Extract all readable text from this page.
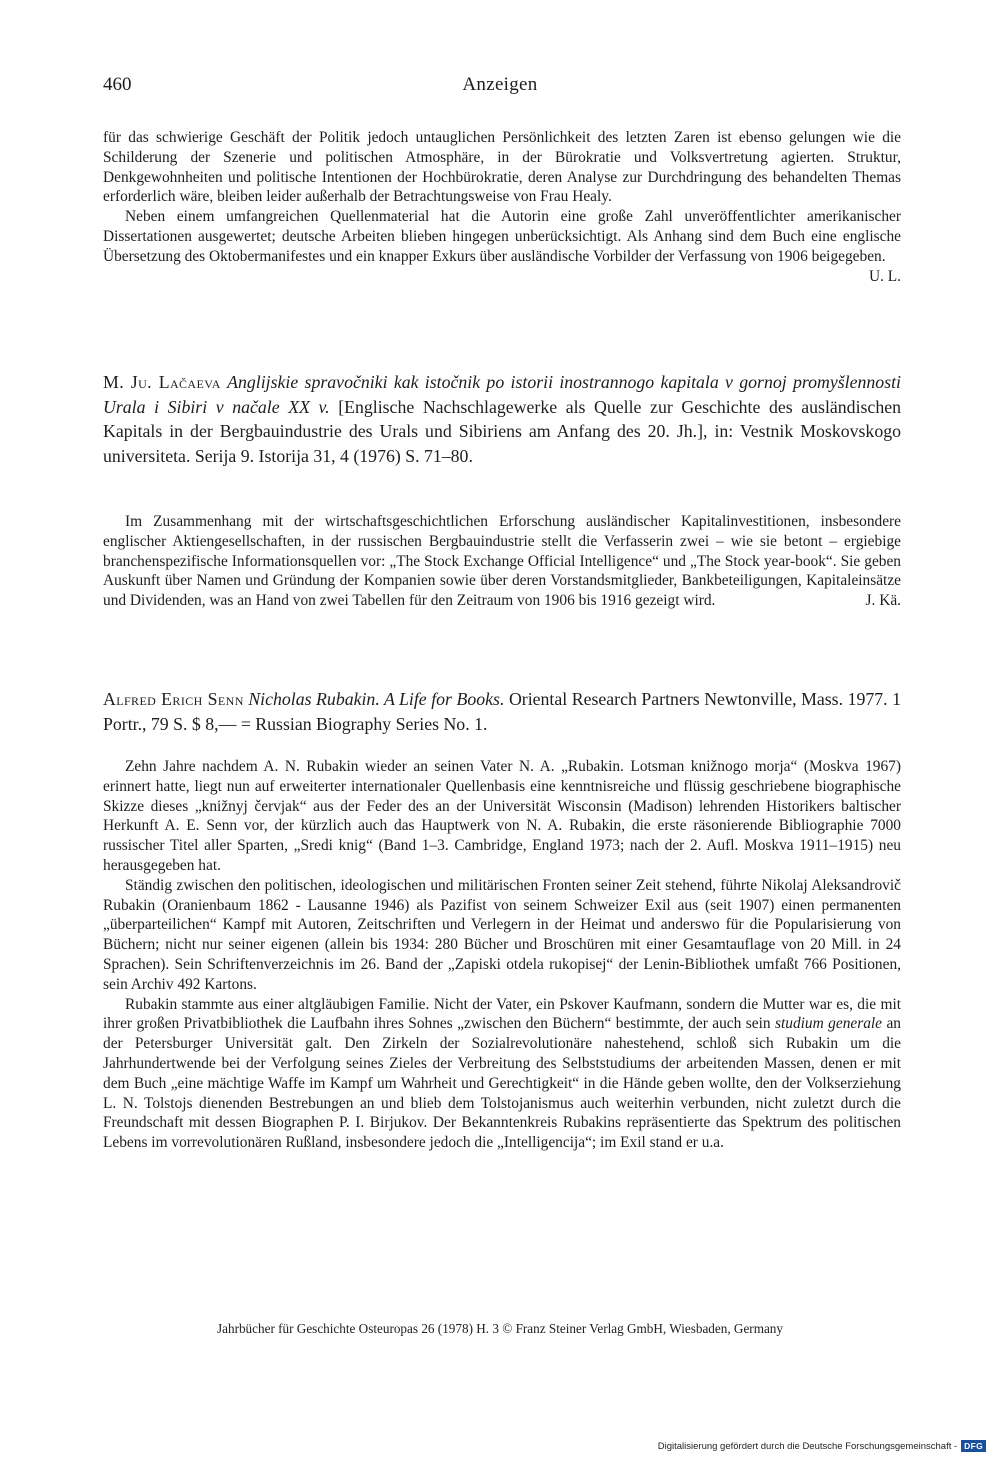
460	Anzeigen

für das schwierige Geschäft der Politik jedoch untauglichen Persönlichkeit des letzten Zaren ist ebenso gelungen wie die Schilderung der Szenerie und politischen Atmosphäre, in der Bürokratie und Volksvertretung agierten. Struktur, Denkgewohnheiten und politische Intentionen der Hochbürokratie, deren Analyse zur Durchdringung des behandelten Themas erforderlich wäre, bleiben leider außerhalb der Betrachtungsweise von Frau Healy.

Neben einem umfangreichen Quellenmaterial hat die Autorin eine große Zahl unveröffentlichter amerikanischer Dissertationen ausgewertet; deutsche Arbeiten blieben hingegen unberücksichtigt. Als Anhang sind dem Buch eine englische Übersetzung des Oktobermanifestes und ein knapper Exkurs über ausländische Vorbilder der Verfassung von 1906 beigegeben.
U. L.

M. Ju. Lačaeva Anglijskie spravočniki kak istočnik po istorii inostrannogo kapitala v gornoj promyšlennosti Urala i Sibiri v načale XX v. [Englische Nachschlagewerke als Quelle zur Geschichte des ausländischen Kapitals in der Bergbauindustrie des Urals und Sibiriens am Anfang des 20. Jh.], in: Vestnik Moskovskogo universiteta. Serija 9. Istorija 31, 4 (1976) S. 71–80.

Im Zusammenhang mit der wirtschaftsgeschichtlichen Erforschung ausländischer Kapitalinvestitionen, insbesondere englischer Aktiengesellschaften, in der russischen Bergbauindustrie stellt die Verfasserin zwei – wie sie betont – ergiebige branchenspezifische Informationsquellen vor: „The Stock Exchange Official Intelligence“ und „The Stock year-book“. Sie geben Auskunft über Namen und Gründung der Kompanien sowie über deren Vorstandsmitglieder, Bankbeteiligungen, Kapitaleinsätze und Dividenden, was an Hand von zwei Tabellen für den Zeitraum von 1906 bis 1916 gezeigt wird.	J. Kä.

Alfred Erich Senn Nicholas Rubakin. A Life for Books. Oriental Research Partners Newtonville, Mass. 1977. 1 Portr., 79 S. $ 8,— = Russian Biography Series No. 1.

Zehn Jahre nachdem A. N. Rubakin wieder an seinen Vater N. A. „Rubakin. Lotsman knižnogo morja“ (Moskva 1967) erinnert hatte, liegt nun auf erweiterter internationaler Quellenbasis eine kenntnisreiche und flüssig geschriebene biographische Skizze dieses „knižnyj červjak“ aus der Feder des an der Universität Wisconsin (Madison) lehrenden Historikers baltischer Herkunft A. E. Senn vor, der kürzlich auch das Hauptwerk von N. A. Rubakin, die erste räsonierende Bibliographie 7000 russischer Titel aller Sparten, „Sredi knig“ (Band 1–3. Cambridge, England 1973; nach der 2. Aufl. Moskva 1911–1915) neu herausgegeben hat.

Ständig zwischen den politischen, ideologischen und militärischen Fronten seiner Zeit stehend, führte Nikolaj Aleksandrovič Rubakin (Oranienbaum 1862 - Lausanne 1946) als Pazifist von seinem Schweizer Exil aus (seit 1907) einen permanenten „überparteilichen“ Kampf mit Autoren, Zeitschriften und Verlegern in der Heimat und anderswo für die Popularisierung von Büchern; nicht nur seiner eigenen (allein bis 1934: 280 Bücher und Broschüren mit einer Gesamtauflage von 20 Mill. in 24 Sprachen). Sein Schriftenverzeichnis im 26. Band der „Zapiski otdela rukopisej“ der Lenin-Bibliothek umfaßt 766 Positionen, sein Archiv 492 Kartons.

Rubakin stammte aus einer altgläubigen Familie. Nicht der Vater, ein Pskover Kaufmann, sondern die Mutter war es, die mit ihrer großen Privatbibliothek die Laufbahn ihres Sohnes „zwischen den Büchern“ bestimmte, der auch sein studium generale an der Petersburger Universität galt. Den Zirkeln der Sozialrevolutionäre nahestehend, schloß sich Rubakin um die Jahrhundertwende bei der Verfolgung seines Zieles der Verbreitung des Selbststudiums der arbeitenden Massen, denen er mit dem Buch „eine mächtige Waffe im Kampf um Wahrheit und Gerechtigkeit“ in die Hände geben wollte, den der Volkserziehung L. N. Tolstojs dienenden Bestrebungen an und blieb dem Tolstojanismus auch weiterhin verbunden, nicht zuletzt durch die Freundschaft mit dessen Biographen P. I. Birjukov. Der Bekanntenkreis Rubakins repräsentierte das Spektrum des politischen Lebens im vorrevolutionären Rußland, insbesondere jedoch die „Intelligencija“; im Exil stand er u.a.

Jahrbücher für Geschichte Osteuropas 26 (1978) H. 3 © Franz Steiner Verlag GmbH, Wiesbaden, Germany
Digitalisierung gefördert durch die Deutsche Forschungsgemeinschaft - DFG
